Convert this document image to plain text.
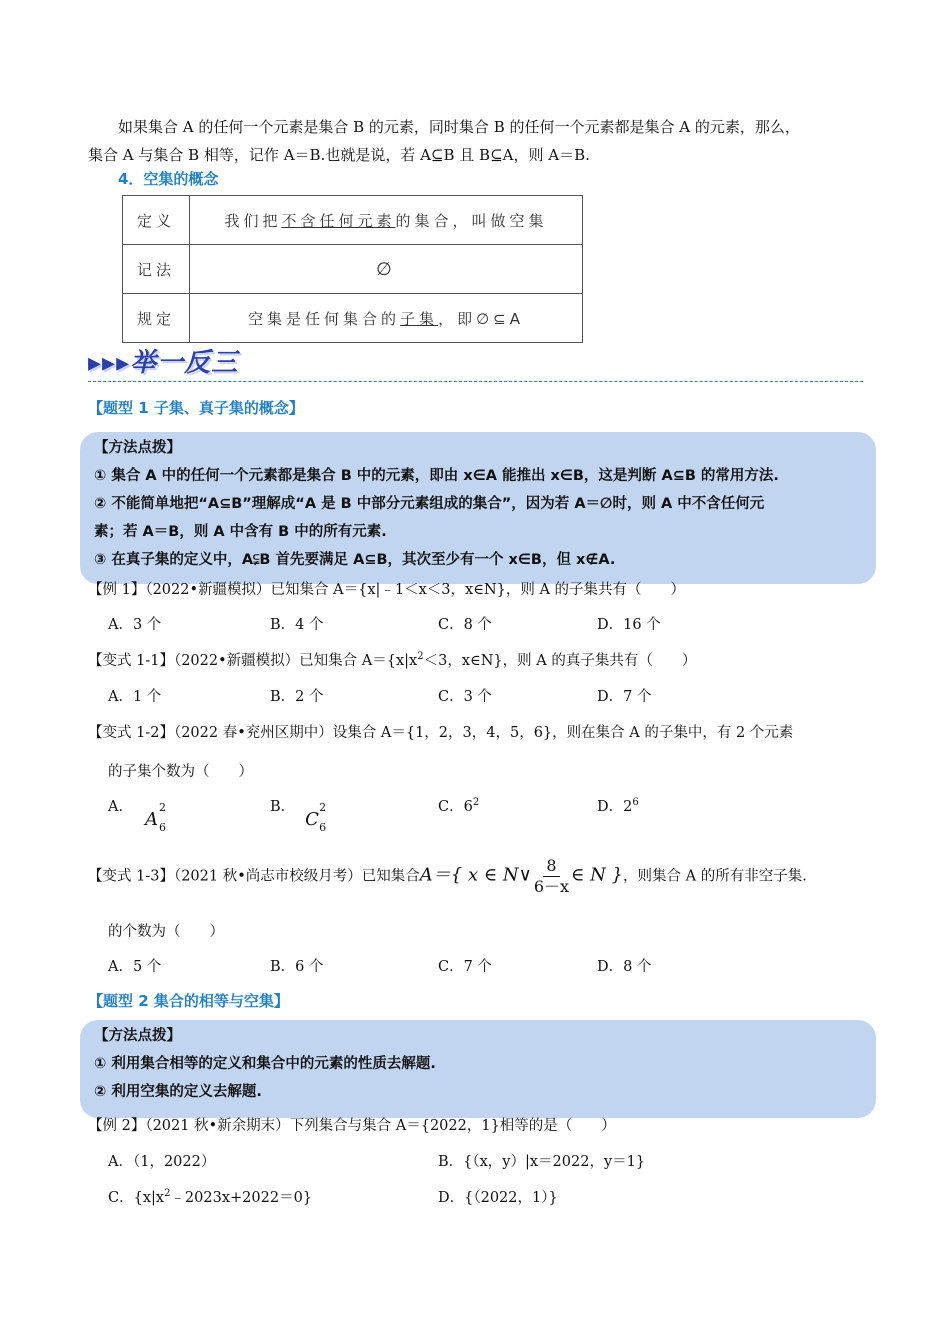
如果集合 A 的任何一个元素是集合 B 的元素，同时集合 B 的任何一个元素都是集合 A 的元素，那么，
集合 A 与集合 B 相等，记作 A＝B.也就是说，若 A⊆B 且 B⊆A，则 A＝B.
4．空集的概念
定义	我们把不含任何元素的集合，叫做空集
记法	∅
规定	空集是任何集合的子集，即∅⊆A
▸▸▸举一反三
【题型 1 子集、真子集的概念】
【方法点拨】
① 集合 A 中的任何一个元素都是集合 B 中的元素，即由 x∈A 能推出 x∈B，这是判断 A⊆B 的常用方法.
② 不能简单地把“A⊆B”理解成“A 是 B 中部分元素组成的集合”，因为若 A＝∅时，则 A 中不含任何元
素；若 A＝B，则 A 中含有 B 中的所有元素.
③ 在真子集的定义中，A⫋B 首先要满足 A⊆B，其次至少有一个 x∈B，但 x∉A.
【例 1】（2022•新疆模拟）已知集合 A＝{x|﹣1＜x＜3，x∈N}，则 A 的子集共有（　　）
A．3 个	B．4 个	C．8 个	D．16 个
【变式 1-1】（2022•新疆模拟）已知集合 $A=\{x|x^2<3$，x∈N}，则 A 的真子集共有（　　）
A．1 个	B．2 个	C．3 个	D．7 个
【变式 1-2】（2022 春•兖州区期中）设集合 A＝{1，2，3，4，5，6}，则在集合 A 的子集中，有 2 个元素
的子集个数为（　　）
A．
A
2
6
B．
C
2
6
C．$6^2$	D．$2^6$
【变式 1-3】（2021 秋•尚志市校级月考）已知集合A＝{ x ∈ N∨ $\frac{8}{6-x}$ ∈ N }，则集合 A 的所有非空子集.
的个数为（　　）
A．5 个	B．6 个	C．7 个	D．8 个
【题型 2 集合的相等与空集】
【方法点拨】
① 利用集合相等的定义和集合中的元素的性质去解题.
② 利用空集的定义去解题.
【例 2】（2021 秋•新余期末）下列集合与集合 A＝{2022，1}相等的是（　　）
A．（1，2022）	B．{（x，y）|x＝2022，y＝1}
C．$\{x|x^2﹣2023x+2022=0\}$	D．{（2022，1）}
